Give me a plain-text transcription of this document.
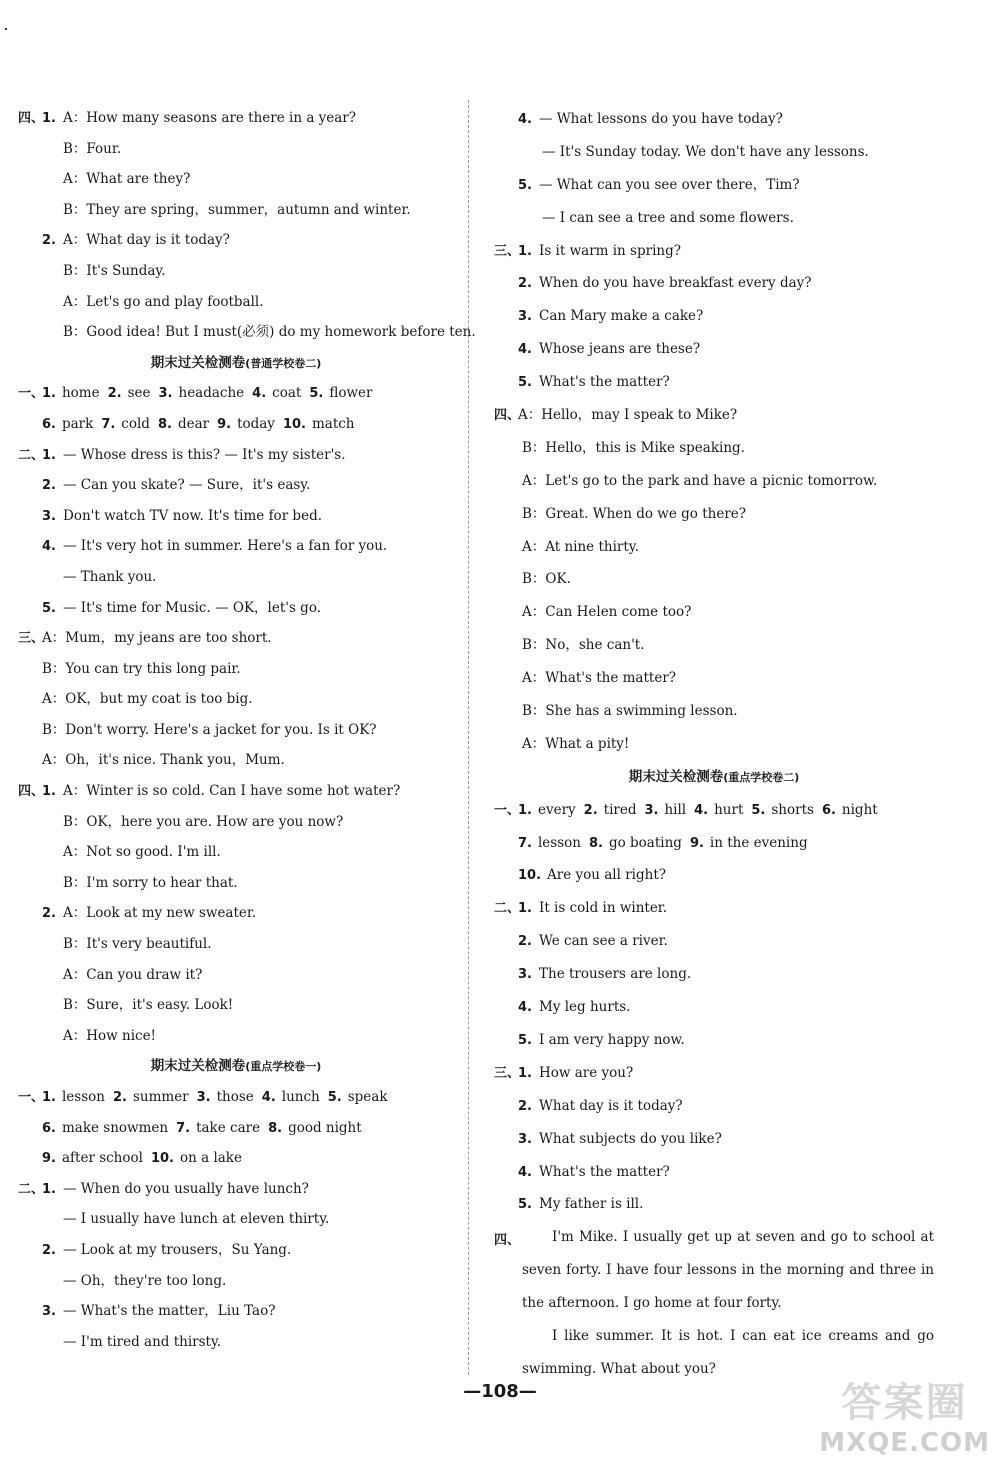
四、1. A：How many seasons are there in a year?
B：Four.
A：What are they?
B：They are spring，summer，autumn and winter.
2. A：What day is it today?
B：It's Sunday.
A：Let's go and play football.
B：Good idea! But I must(必须) do my homework before ten.
期末过关检测卷(普通学校卷二)
一、1. home 2. see 3. headache 4. coat 5. flower
6. park 7. cold 8. dear 9. today 10. match
二、1. — Whose dress is this? — It's my sister's.
2. — Can you skate? — Sure，it's easy.
3. Don't watch TV now. It's time for bed.
4. — It's very hot in summer. Here's a fan for you.
— Thank you.
5. — It's time for Music. — OK，let's go.
三、A：Mum，my jeans are too short.
B：You can try this long pair.
A：OK，but my coat is too big.
B：Don't worry. Here's a jacket for you. Is it OK?
A：Oh，it's nice. Thank you，Mum.
四、1. A：Winter is so cold. Can I have some hot water?
B：OK，here you are. How are you now?
A：Not so good. I'm ill.
B：I'm sorry to hear that.
2. A：Look at my new sweater.
B：It's very beautiful.
A：Can you draw it?
B：Sure，it's easy. Look!
A：How nice!
期末过关检测卷(重点学校卷一)
一、1. lesson 2. summer 3. those 4. lunch 5. speak
6. make snowmen 7. take care 8. good night
9. after school 10. on a lake
二、1. — When do you usually have lunch?
— I usually have lunch at eleven thirty.
2. — Look at my trousers，Su Yang.
— Oh，they're too long.
3. — What's the matter，Liu Tao?
— I'm tired and thirsty.
4. — What lessons do you have today?
— It's Sunday today. We don't have any lessons.
5. — What can you see over there，Tim?
— I can see a tree and some flowers.
三、1. Is it warm in spring?
2. When do you have breakfast every day?
3. Can Mary make a cake?
4. Whose jeans are these?
5. What's the matter?
四、A：Hello，may I speak to Mike?
B：Hello，this is Mike speaking.
A：Let's go to the park and have a picnic tomorrow.
B：Great. When do we go there?
A：At nine thirty.
B：OK.
A：Can Helen come too?
B：No，she can't.
A：What's the matter?
B：She has a swimming lesson.
A：What a pity!
期末过关检测卷(重点学校卷二)
一、1. every 2. tired 3. hill 4. hurt 5. shorts 6. night
7. lesson 8. go boating 9. in the evening
10. Are you all right?
二、1. It is cold in winter.
2. We can see a river.
3. The trousers are long.
4. My leg hurts.
5. I am very happy now.
三、1. How are you?
2. What day is it today?
3. What subjects do you like?
4. What's the matter?
5. My father is ill.
四、	I'm Mike. I usually get up at seven and go to school at seven forty. I have four lessons in the morning and three in the afternoon. I go home at four forty.
I like summer. It is hot. I can eat ice creams and go swimming. What about you?
—108—	答案圈
MXQE.COM
